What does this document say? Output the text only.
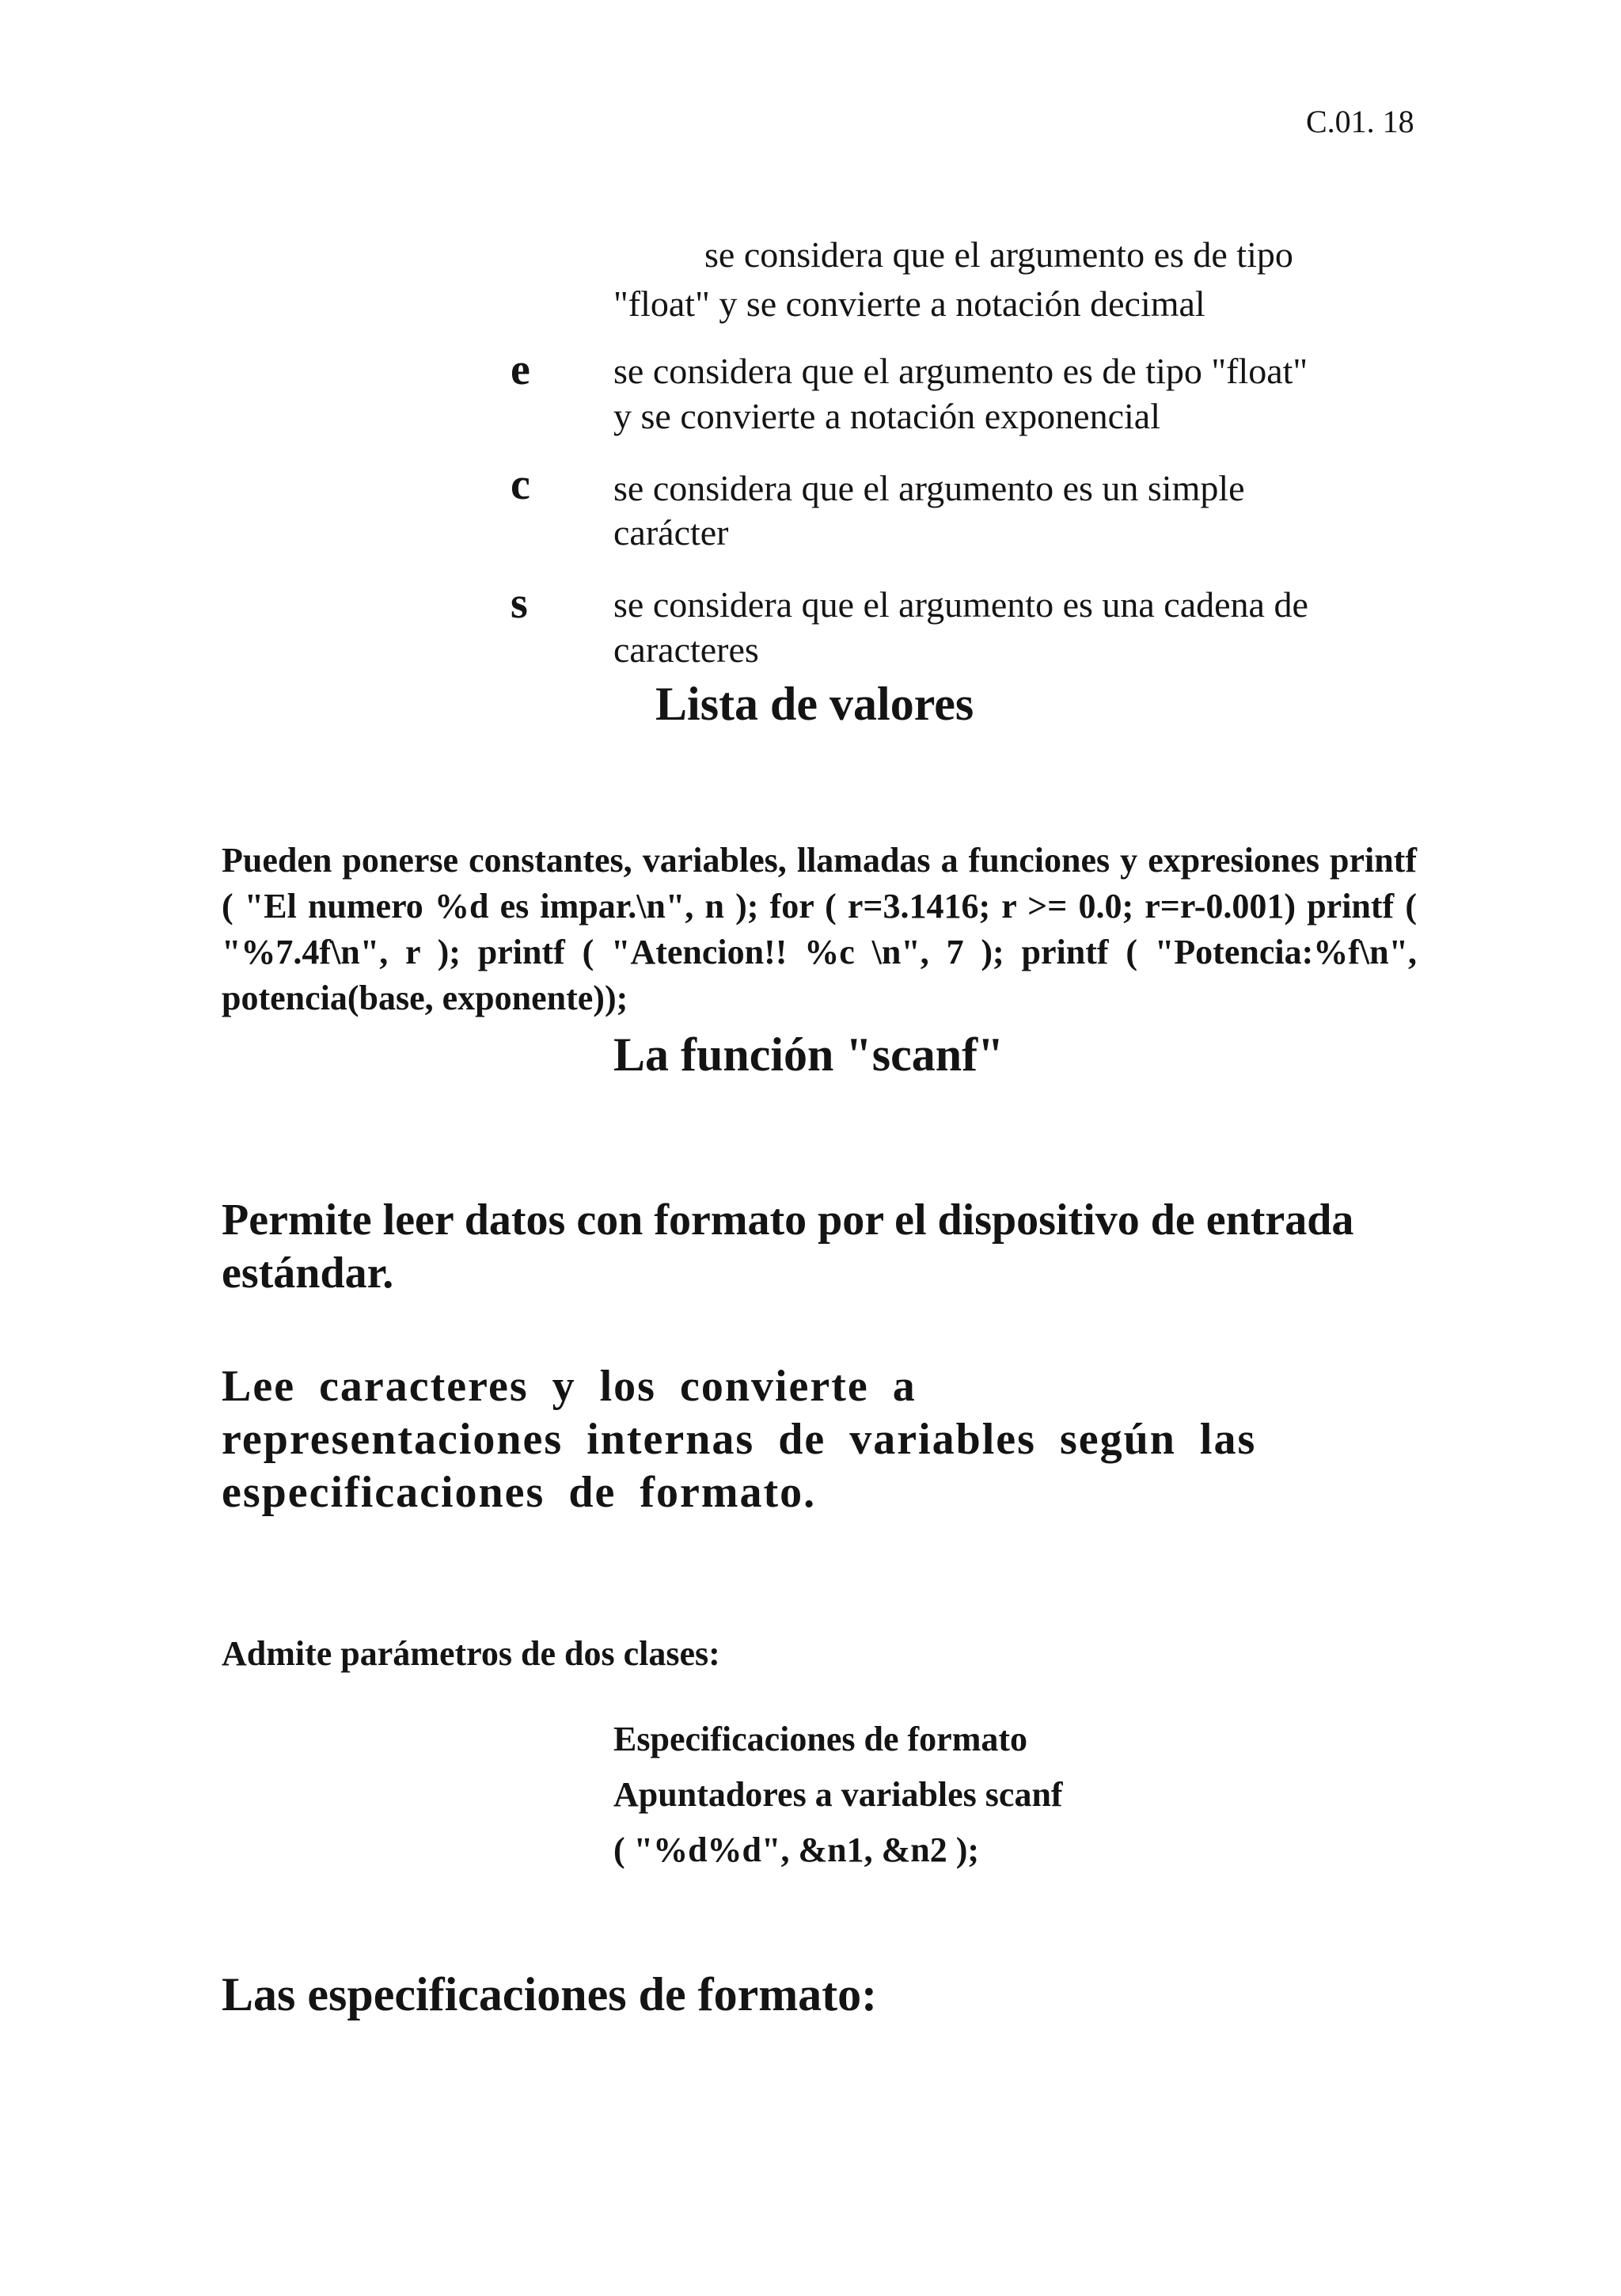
C.01. 18

se considera que el argumento es de tipo

"float" y se convierte a notación decimal

e se considera que el argumento es de tipo "float"

y se convierte a notación exponencial

c se considera que el argumento es un simple

carácter

s se considera que el argumento es una cadena de

caracteres

Lista de valores

Pueden ponerse constantes, variables, llamadas a funciones y expresiones printf ( "El numero %d es impar.\n", n ); for ( r=3.1416; r >= 0.0; r=r-0.001) printf ( "%7.4f\n", r ); printf ( "Atencion!! %c \n", 7 ); printf ( "Potencia:%f\n", potencia(base, exponente));

La función "scanf"

Permite leer datos con formato por el dispositivo de entrada estándar.

Lee caracteres y los convierte a representaciones internas de variables según las especificaciones de formato.

Admite parámetros de dos clases:

Especificaciones de formato
Apuntadores a variables scanf
( "%d%d", &n1, &n2 );
Las especificaciones de formato:
